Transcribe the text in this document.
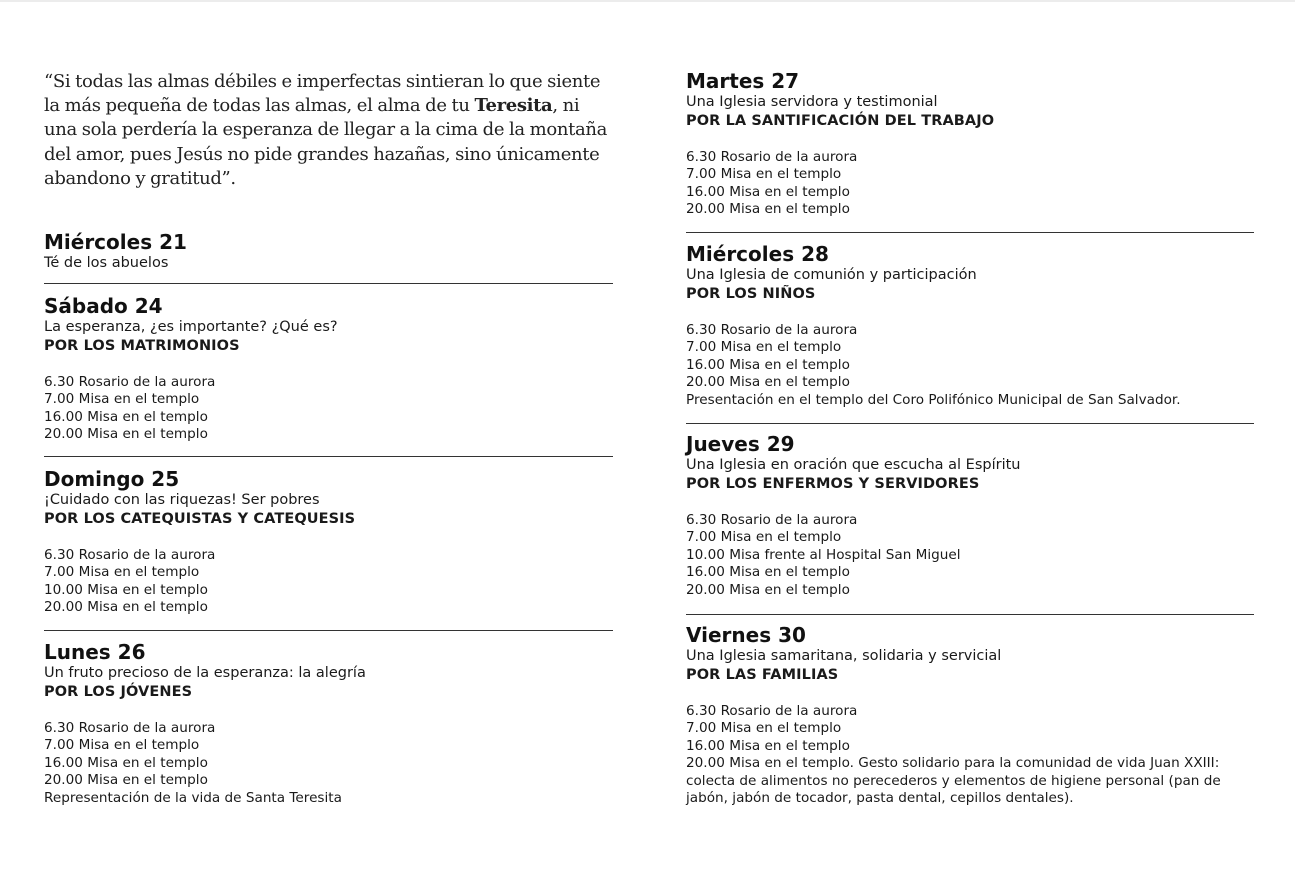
“Si todas las almas débiles e imperfectas sintieran lo que siente la más pequeña de todas las almas, el alma de tu Teresita, ni una sola perdería la esperanza de llegar a la cima de la montaña del amor, pues Jesús no pide grandes hazañas, sino únicamente abandono y gratitud”.
Miércoles 21

Té de los abuelos

Sábado 24

La esperanza, ¿es importante? ¿Qué es?

POR LOS MATRIMONIOS

6.30 Rosario de la aurora
7.00 Misa en el templo
16.00 Misa en el templo
20.00 Misa en el templo
Domingo 25

¡Cuidado con las riquezas! Ser pobres

POR LOS CATEQUISTAS Y CATEQUESIS

6.30 Rosario de la aurora
7.00 Misa en el templo
10.00 Misa en el templo
20.00 Misa en el templo
Lunes 26

Un fruto precioso de la esperanza: la alegría

POR LOS JÓVENES

6.30 Rosario de la aurora
7.00 Misa en el templo
16.00 Misa en el templo
20.00 Misa en el templo
Representación de la vida de Santa Teresita
Martes 27

Una Iglesia servidora y testimonial

POR LA SANTIFICACIÓN DEL TRABAJO

6.30 Rosario de la aurora
7.00 Misa en el templo
16.00 Misa en el templo
20.00 Misa en el templo
Miércoles 28

Una Iglesia de comunión y participación

POR LOS NIÑOS

6.30 Rosario de la aurora
7.00 Misa en el templo
16.00 Misa en el templo
20.00 Misa en el templo
Presentación en el templo del Coro Polifónico Municipal de San Salvador.
Jueves 29

Una Iglesia en oración que escucha al Espíritu

POR LOS ENFERMOS Y SERVIDORES

6.30 Rosario de la aurora
7.00 Misa en el templo
10.00 Misa frente al Hospital San Miguel
16.00 Misa en el templo
20.00 Misa en el templo
Viernes 30

Una Iglesia samaritana, solidaria y servicial

POR LAS FAMILIAS

6.30 Rosario de la aurora
7.00 Misa en el templo
16.00 Misa en el templo
20.00 Misa en el templo. Gesto solidario para la comunidad de vida Juan XXIII: colecta de alimentos no perecederos y elementos de higiene personal (pan de jabón, jabón de tocador, pasta dental, cepillos dentales).
